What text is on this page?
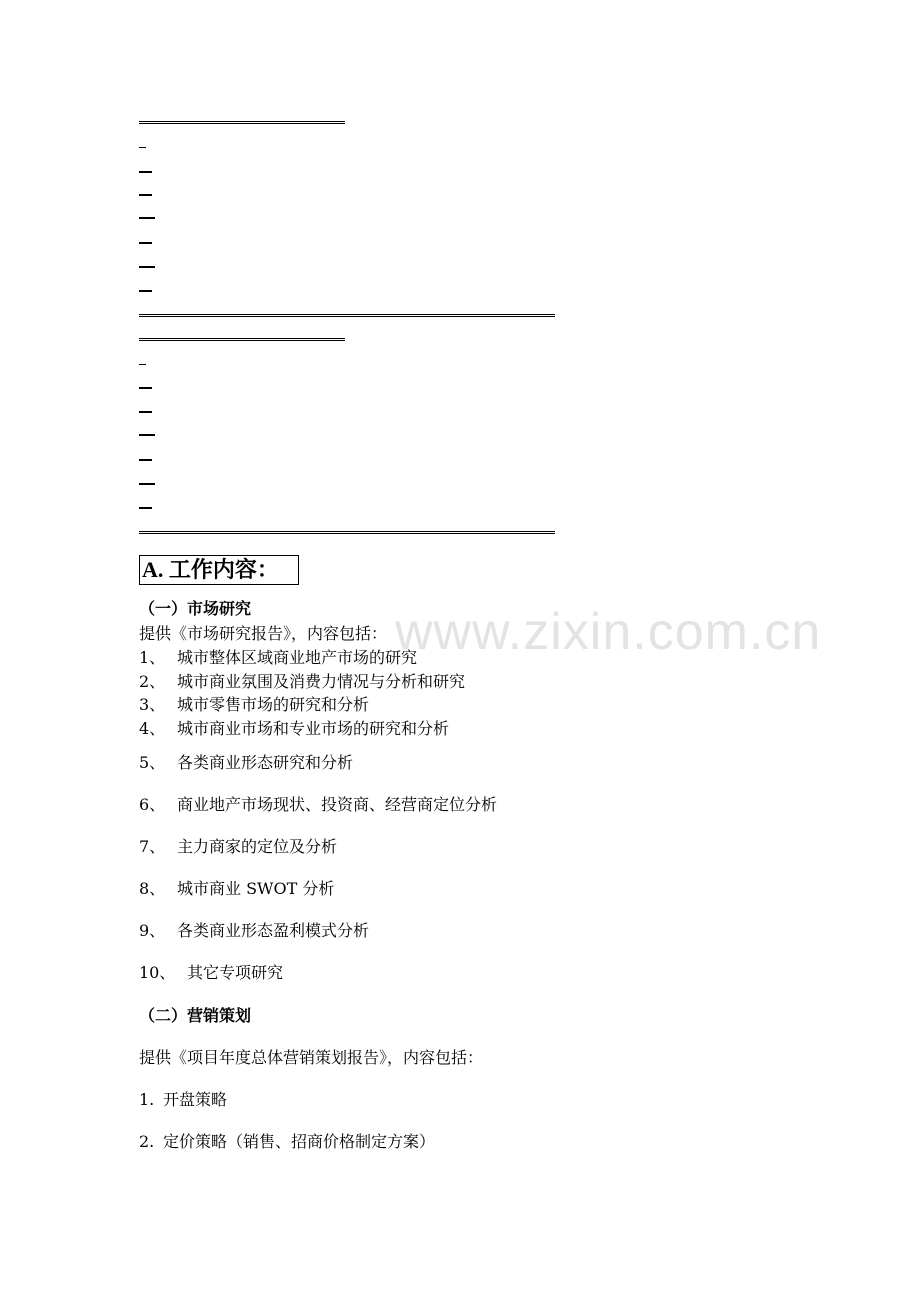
www.zixin.com.cn
A. 工作内容：
（一）市场研究
提供《市场研究报告》，内容包括：
1、 城市整体区域商业地产市场的研究
2、 城市商业氛围及消费力情况与分析和研究
3、 城市零售市场的研究和分析
4、 城市商业市场和专业市场的研究和分析
5、 各类商业形态研究和分析
6、 商业地产市场现状、投资商、经营商定位分析
7、 主力商家的定位及分析
8、 城市商业 SWOT 分析
9、 各类商业形态盈利模式分析
10、 其它专项研究
（二）营销策划
提供《项目年度总体营销策划报告》，内容包括：
1. 开盘策略
2. 定价策略（销售、招商价格制定方案）
